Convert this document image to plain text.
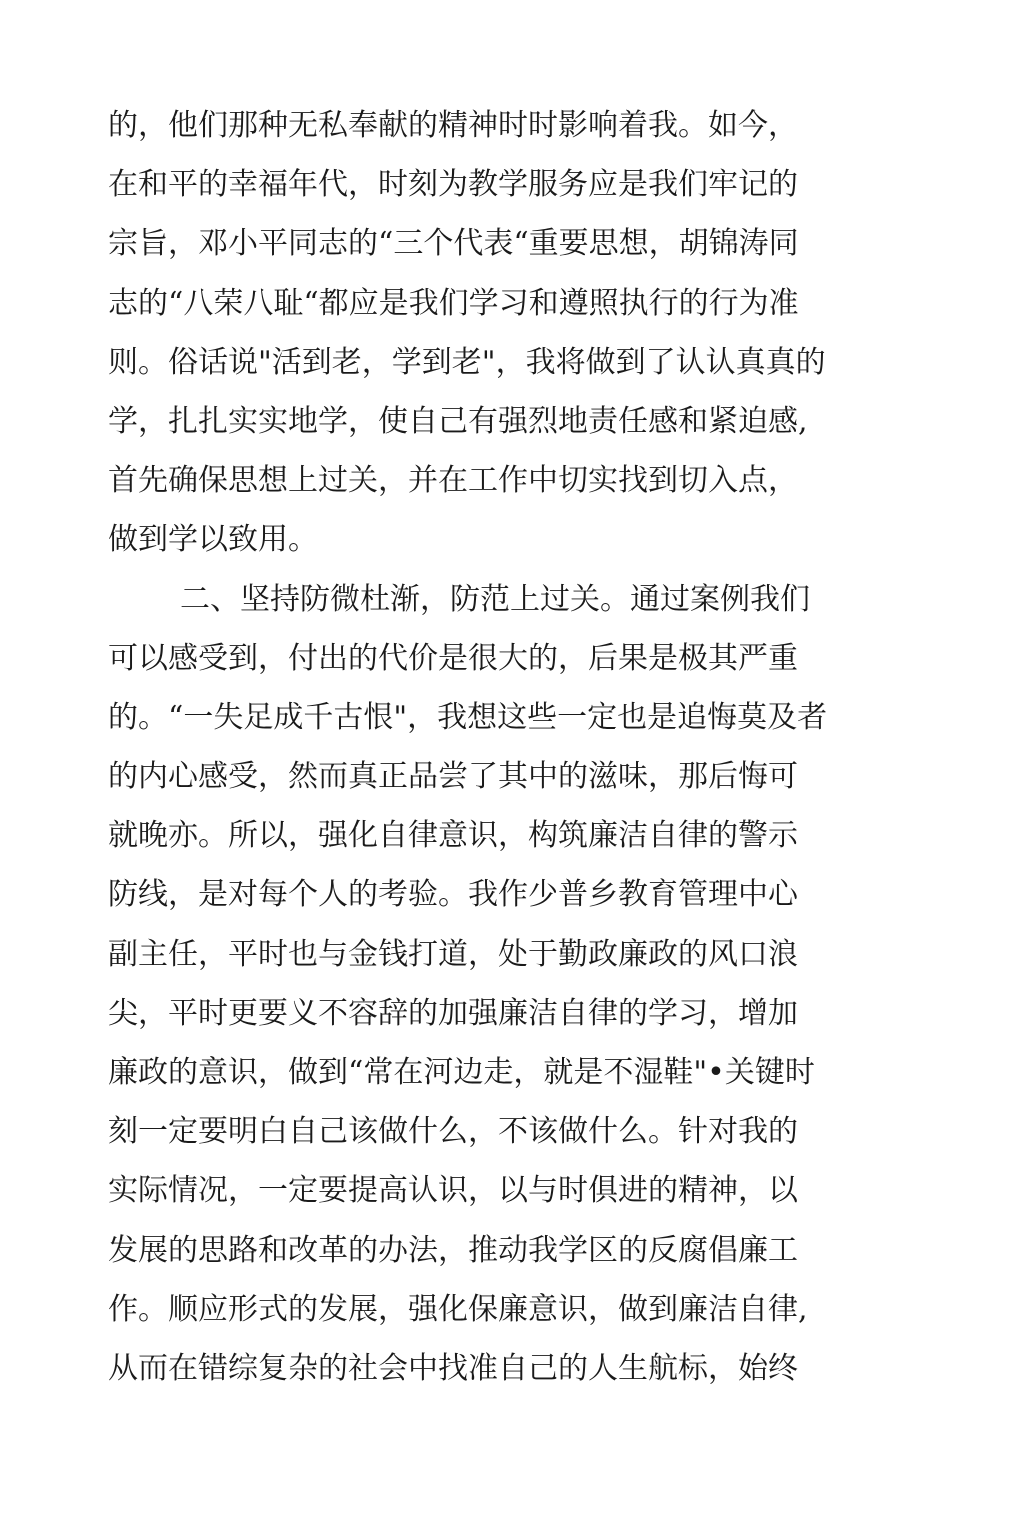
的，他们那种无私奉献的精神时时影响着我。如今，
在和平的幸福年代，时刻为教学服务应是我们牢记的
宗旨，邓小平同志的“三个代表“重要思想，胡锦涛同
志的“八荣八耻“都应是我们学习和遵照执行的行为准
则。俗话说"活到老，学到老"，我将做到了认认真真的
学，扎扎实实地学，使自己有强烈地责任感和紧迫感,
首先确保思想上过关，并在工作中切实找到切入点，
做到学以致用。
二、坚持防微杜渐，防范上过关。通过案例我们
可以感受到，付出的代价是很大的，后果是极其严重
的。“一失足成千古恨"，我想这些一定也是追悔莫及者
的内心感受，然而真正品尝了其中的滋味，那后悔可
就晚亦。所以，强化自律意识，构筑廉洁自律的警示
防线，是对每个人的考验。我作少普乡教育管理中心
副主任，平时也与金钱打道，处于勤政廉政的风口浪
尖，平时更要义不容辞的加强廉洁自律的学习，增加
廉政的意识，做到“常在河边走，就是不湿鞋"•关键时
刻一定要明白自己该做什么，不该做什么。针对我的
实际情况，一定要提高认识，以与时俱进的精神，以
发展的思路和改革的办法，推动我学区的反腐倡廉工
作。顺应形式的发展，强化保廉意识，做到廉洁自律,
从而在错综复杂的社会中找准自己的人生航标，始终
